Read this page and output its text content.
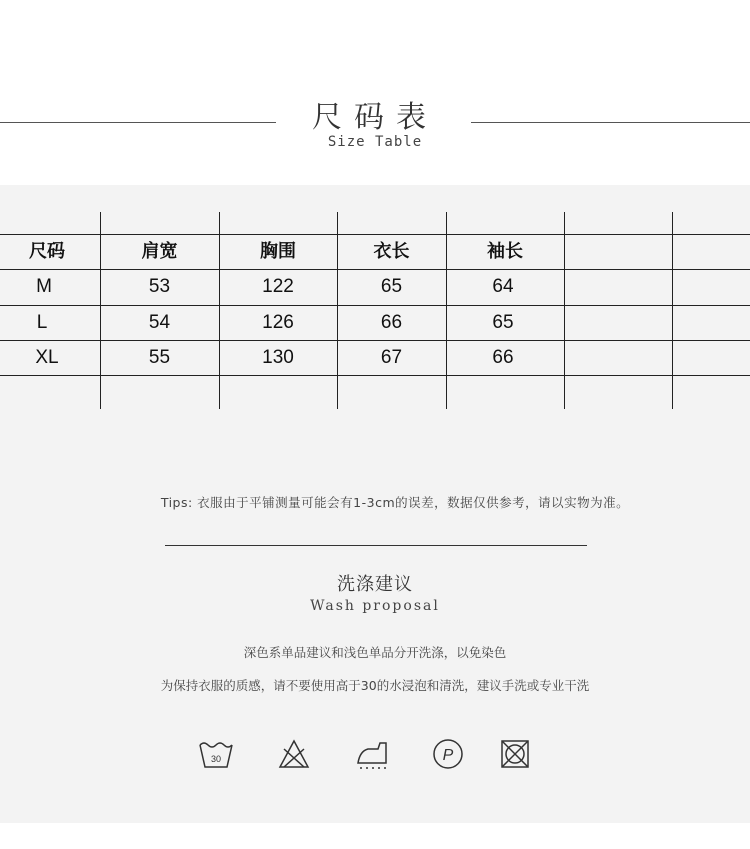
尺码表
Size Table
尺码	肩宽	胸围	衣长	袖长
M	53	122	65	64
L	54	126	66	65
XL	55	130	67	66
Tips: 衣服由于平铺测量可能会有1-3cm的误差，数据仅供参考，请以实物为准。
洗涤建议
Wash proposal
深色系单品建议和浅色单品分开洗涤，以免染色
为保持衣服的质感，请不要使用高于30的水浸泡和清洗，建议手洗或专业干洗
30	P
